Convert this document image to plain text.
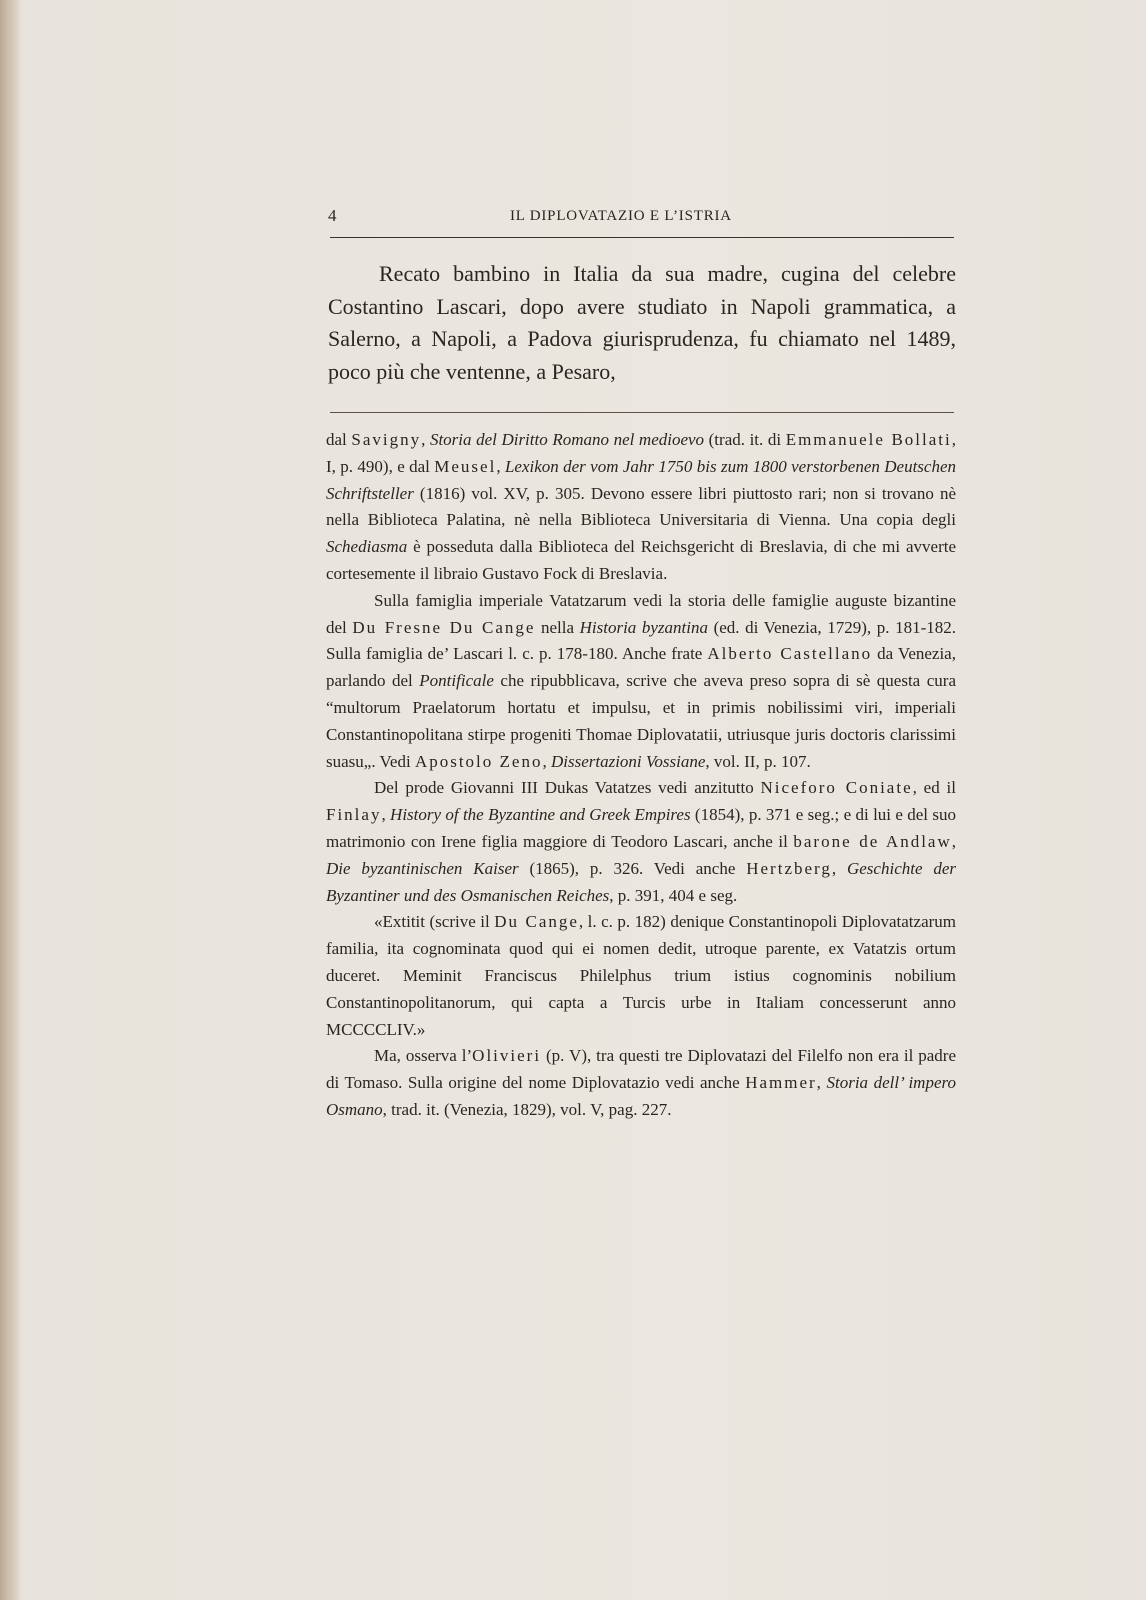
4	IL DIPLOVATAZIO E L’ISTRIA

Recato bambino in Italia da sua madre, cugina del celebre Costantino Lascari, dopo avere studiato in Napoli grammatica, a Salerno, a Napoli, a Padova giurisprudenza, fu chiamato nel 1489, poco più che ventenne, a Pesaro,

dal Savigny, Storia del Diritto Romano nel medioevo (trad. it. di Emmanuele Bollati, I, p. 490), e dal Meusel, Lexikon der vom Jahr 1750 bis zum 1800 verstorbenen Deutschen Schriftsteller (1816) vol. XV, p. 305. Devono essere libri piuttosto rari; non si trovano nè nella Biblioteca Palatina, nè nella Biblioteca Universitaria di Vienna. Una copia degli Schediasma è posseduta dalla Biblioteca del Reichsgericht di Breslavia, di che mi avverte cortesemente il libraio Gustavo Fock di Breslavia.

Sulla famiglia imperiale Vatatzarum vedi la storia delle famiglie auguste bizantine del Du Fresne Du Cange nella Historia byzantina (ed. di Venezia, 1729), p. 181-182. Sulla famiglia de’ Lascari l. c. p. 178-180. Anche frate Alberto Castellano da Venezia, parlando del Pontificale che ripubblicava, scrive che aveva preso sopra di sè questa cura “multorum Praelatorum hortatu et impulsu, et in primis nobilissimi viri, imperiali Constantinopolitana stirpe progeniti Thomae Diplovatatii, utriusque juris doctoris clarissimi suasu„. Vedi Apostolo Zeno, Dissertazioni Vossiane, vol. II, p. 107.

Del prode Giovanni III Dukas Vatatzes vedi anzitutto Niceforo Coniate, ed il Finlay, History of the Byzantine and Greek Empires (1854), p. 371 e seg.; e di lui e del suo matrimonio con Irene figlia maggiore di Teodoro Lascari, anche il barone de Andlaw, Die byzantinischen Kaiser (1865), p. 326. Vedi anche Hertzberg, Geschichte der Byzantiner und des Osmanischen Reiches, p. 391, 404 e seg.

«Extitit (scrive il Du Cange, l. c. p. 182) denique Constantinopoli Diplovatatzarum familia, ita cognominata quod qui ei nomen dedit, utroque parente, ex Vatatzis ortum duceret. Meminit Franciscus Philelphus trium istius cognominis nobilium Constantinopolitanorum, qui capta a Turcis urbe in Italiam concesserunt anno MCCCCLIV.»

Ma, osserva l’Olivieri (p. V), tra questi tre Diplovatazi del Filelfo non era il padre di Tomaso. Sulla origine del nome Diplovatazio vedi anche Hammer, Storia dell’ impero Osmano, trad. it. (Venezia, 1829), vol. V, pag. 227.
